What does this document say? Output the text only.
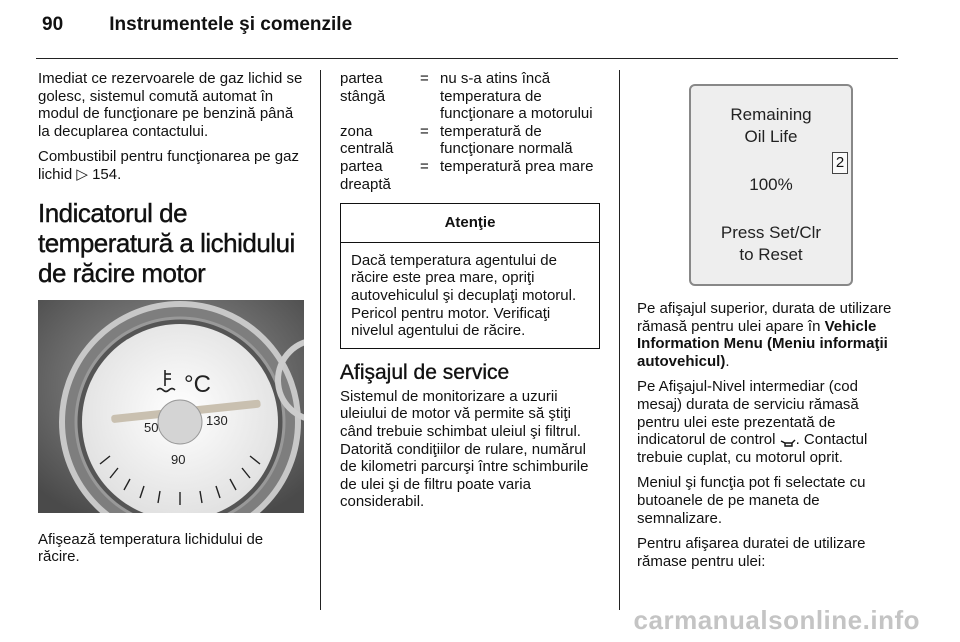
90 Instrumentele şi comenzile

Imediat ce rezervoarele de gaz lichid se golesc, sistemul comută automat în modul de funcţionare pe benzină până la decuplarea contactului.

Combustibil pentru funcţionarea pe gaz lichid ▷ 154.

Indicatorul de temperatură a lichidului de răcire motor
50	130
90
°C

Afişează temperatura lichidului de răcire.

partea stângă
= nu s-a atins încă temperatura de funcţionare a motorului
zona centrală
= temperatură de funcţionare normală
partea dreaptă
= temperatură prea mare
Atenţie
Dacă temperatura agentului de răcire este prea mare, opriţi autovehiculul şi decuplaţi motorul. Pericol pentru motor. Verificaţi nivelul agentului de răcire.
Afişajul de service

Sistemul de monitorizare a uzurii uleiului de motor vă permite să ştiţi când trebuie schimbat uleiul şi filtrul. Datorită condiţiilor de rulare, numărul de kilometri parcurşi între schimburile de ulei şi de filtru poate varia considerabil.

Remaining
Oil Life
100%
Press Set/Clr
to Reset
2

Pe afişajul superior, durata de utilizare rămasă pentru ulei apare în Vehicle Information Menu (Meniu informaţii autovehicul).

Pe Afişajul-Nivel intermediar (cod mesaj) durata de serviciu rămasă pentru ulei este prezentată de indicatorul de control . Contactul trebuie cuplat, cu motorul oprit.

Meniul şi funcţia pot fi selectate cu butoanele de pe maneta de semnalizare.

Pentru afişarea duratei de utilizare rămase pentru ulei:

carmanualsonline.info
